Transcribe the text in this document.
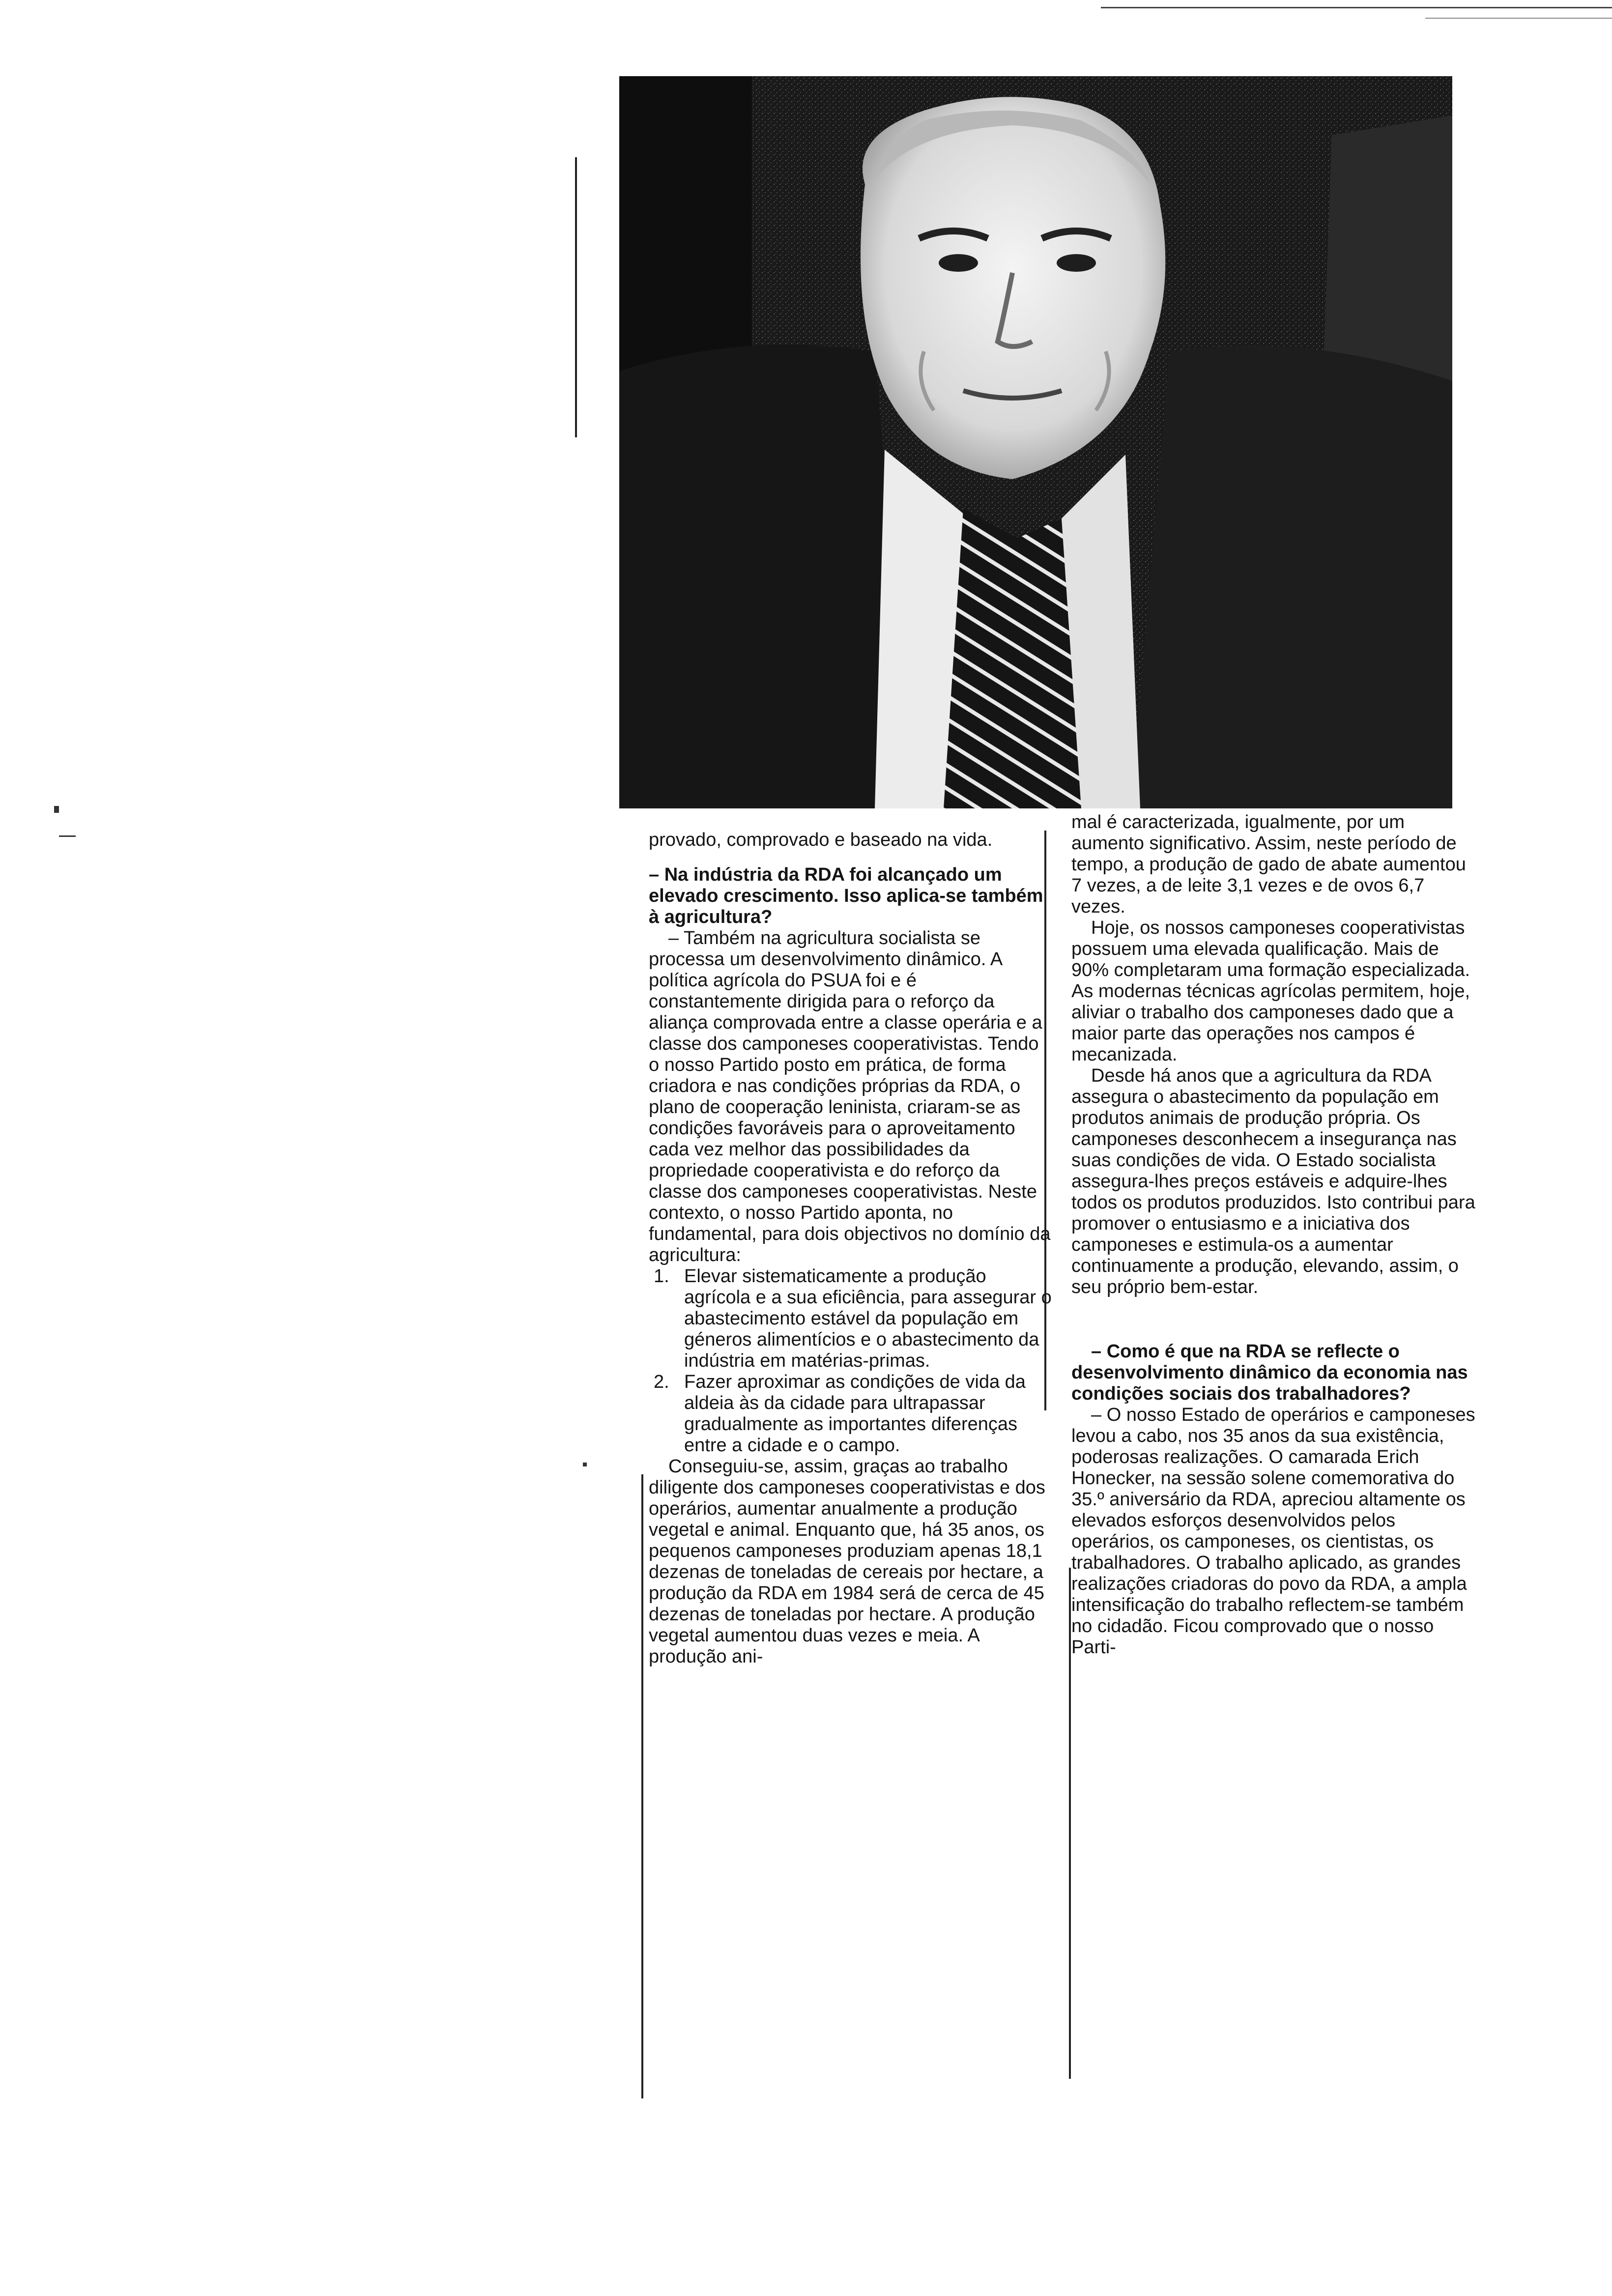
provado, comprovado e baseado na vida.

– Na indústria da RDA foi alcançado um elevado crescimento. Isso aplica-se também à agricultura?

– Também na agricultura socialista se processa um desenvolvimento dinâmico. A política agrícola do PSUA foi e é constantemente dirigida para o reforço da aliança comprovada entre a classe operária e a classe dos camponeses cooperativistas. Tendo o nosso Partido posto em prática, de forma criadora e nas condições próprias da RDA, o plano de cooperação leninista, criaram-se as condições favoráveis para o aproveitamento cada vez melhor das possibilidades da propriedade cooperativista e do reforço da classe dos camponeses cooperativistas. Neste contexto, o nosso Partido aponta, no fundamental, para dois objectivos no domínio da agricultura:

1. Elevar sistematicamente a produção agrícola e a sua eficiência, para assegurar o abastecimento estável da população em géneros alimentícios e o abastecimento da indústria em matérias-primas.
2. Fazer aproximar as condições de vida da aldeia às da cidade para ultrapassar gradualmente as importantes diferenças entre a cidade e o campo.

Conseguiu-se, assim, graças ao trabalho diligente dos camponeses cooperativistas e dos operários, aumentar anualmente a produção vegetal e animal. Enquanto que, há 35 anos, os pequenos camponeses produziam apenas 18,1 dezenas de toneladas de cereais por hectare, a produção da RDA em 1984 será de cerca de 45 dezenas de toneladas por hectare. A produção vegetal aumentou duas vezes e meia. A produção ani-

mal é caracterizada, igualmente, por um aumento significativo. Assim, neste período de tempo, a produção de gado de abate aumentou 7 vezes, a de leite 3,1 vezes e de ovos 6,7 vezes.

Hoje, os nossos camponeses cooperativistas possuem uma elevada qualificação. Mais de 90% completaram uma formação especializada. As modernas técnicas agrícolas permitem, hoje, aliviar o trabalho dos camponeses dado que a maior parte das operações nos campos é mecanizada.

Desde há anos que a agricultura da RDA assegura o abastecimento da população em produtos animais de produção própria. Os camponeses desconhecem a insegurança nas suas condições de vida. O Estado socialista assegura-lhes preços estáveis e adquire-lhes todos os produtos produzidos. Isto contribui para promover o entusiasmo e a iniciativa dos camponeses e estimula-os a aumentar continuamente a produção, elevando, assim, o seu próprio bem-estar.

– Como é que na RDA se reflecte o desenvolvimento dinâmico da economia nas condições sociais dos trabalhadores?

– O nosso Estado de operários e camponeses levou a cabo, nos 35 anos da sua existência, poderosas realizações. O camarada Erich Honecker, na sessão solene comemorativa do 35.º aniversário da RDA, apreciou altamente os elevados esforços desenvolvidos pelos operários, os camponeses, os cientistas, os trabalhadores. O trabalho aplicado, as grandes realizações criadoras do povo da RDA, a ampla intensificação do trabalho reflectem-se também no cidadão. Ficou comprovado que o nosso Parti-
